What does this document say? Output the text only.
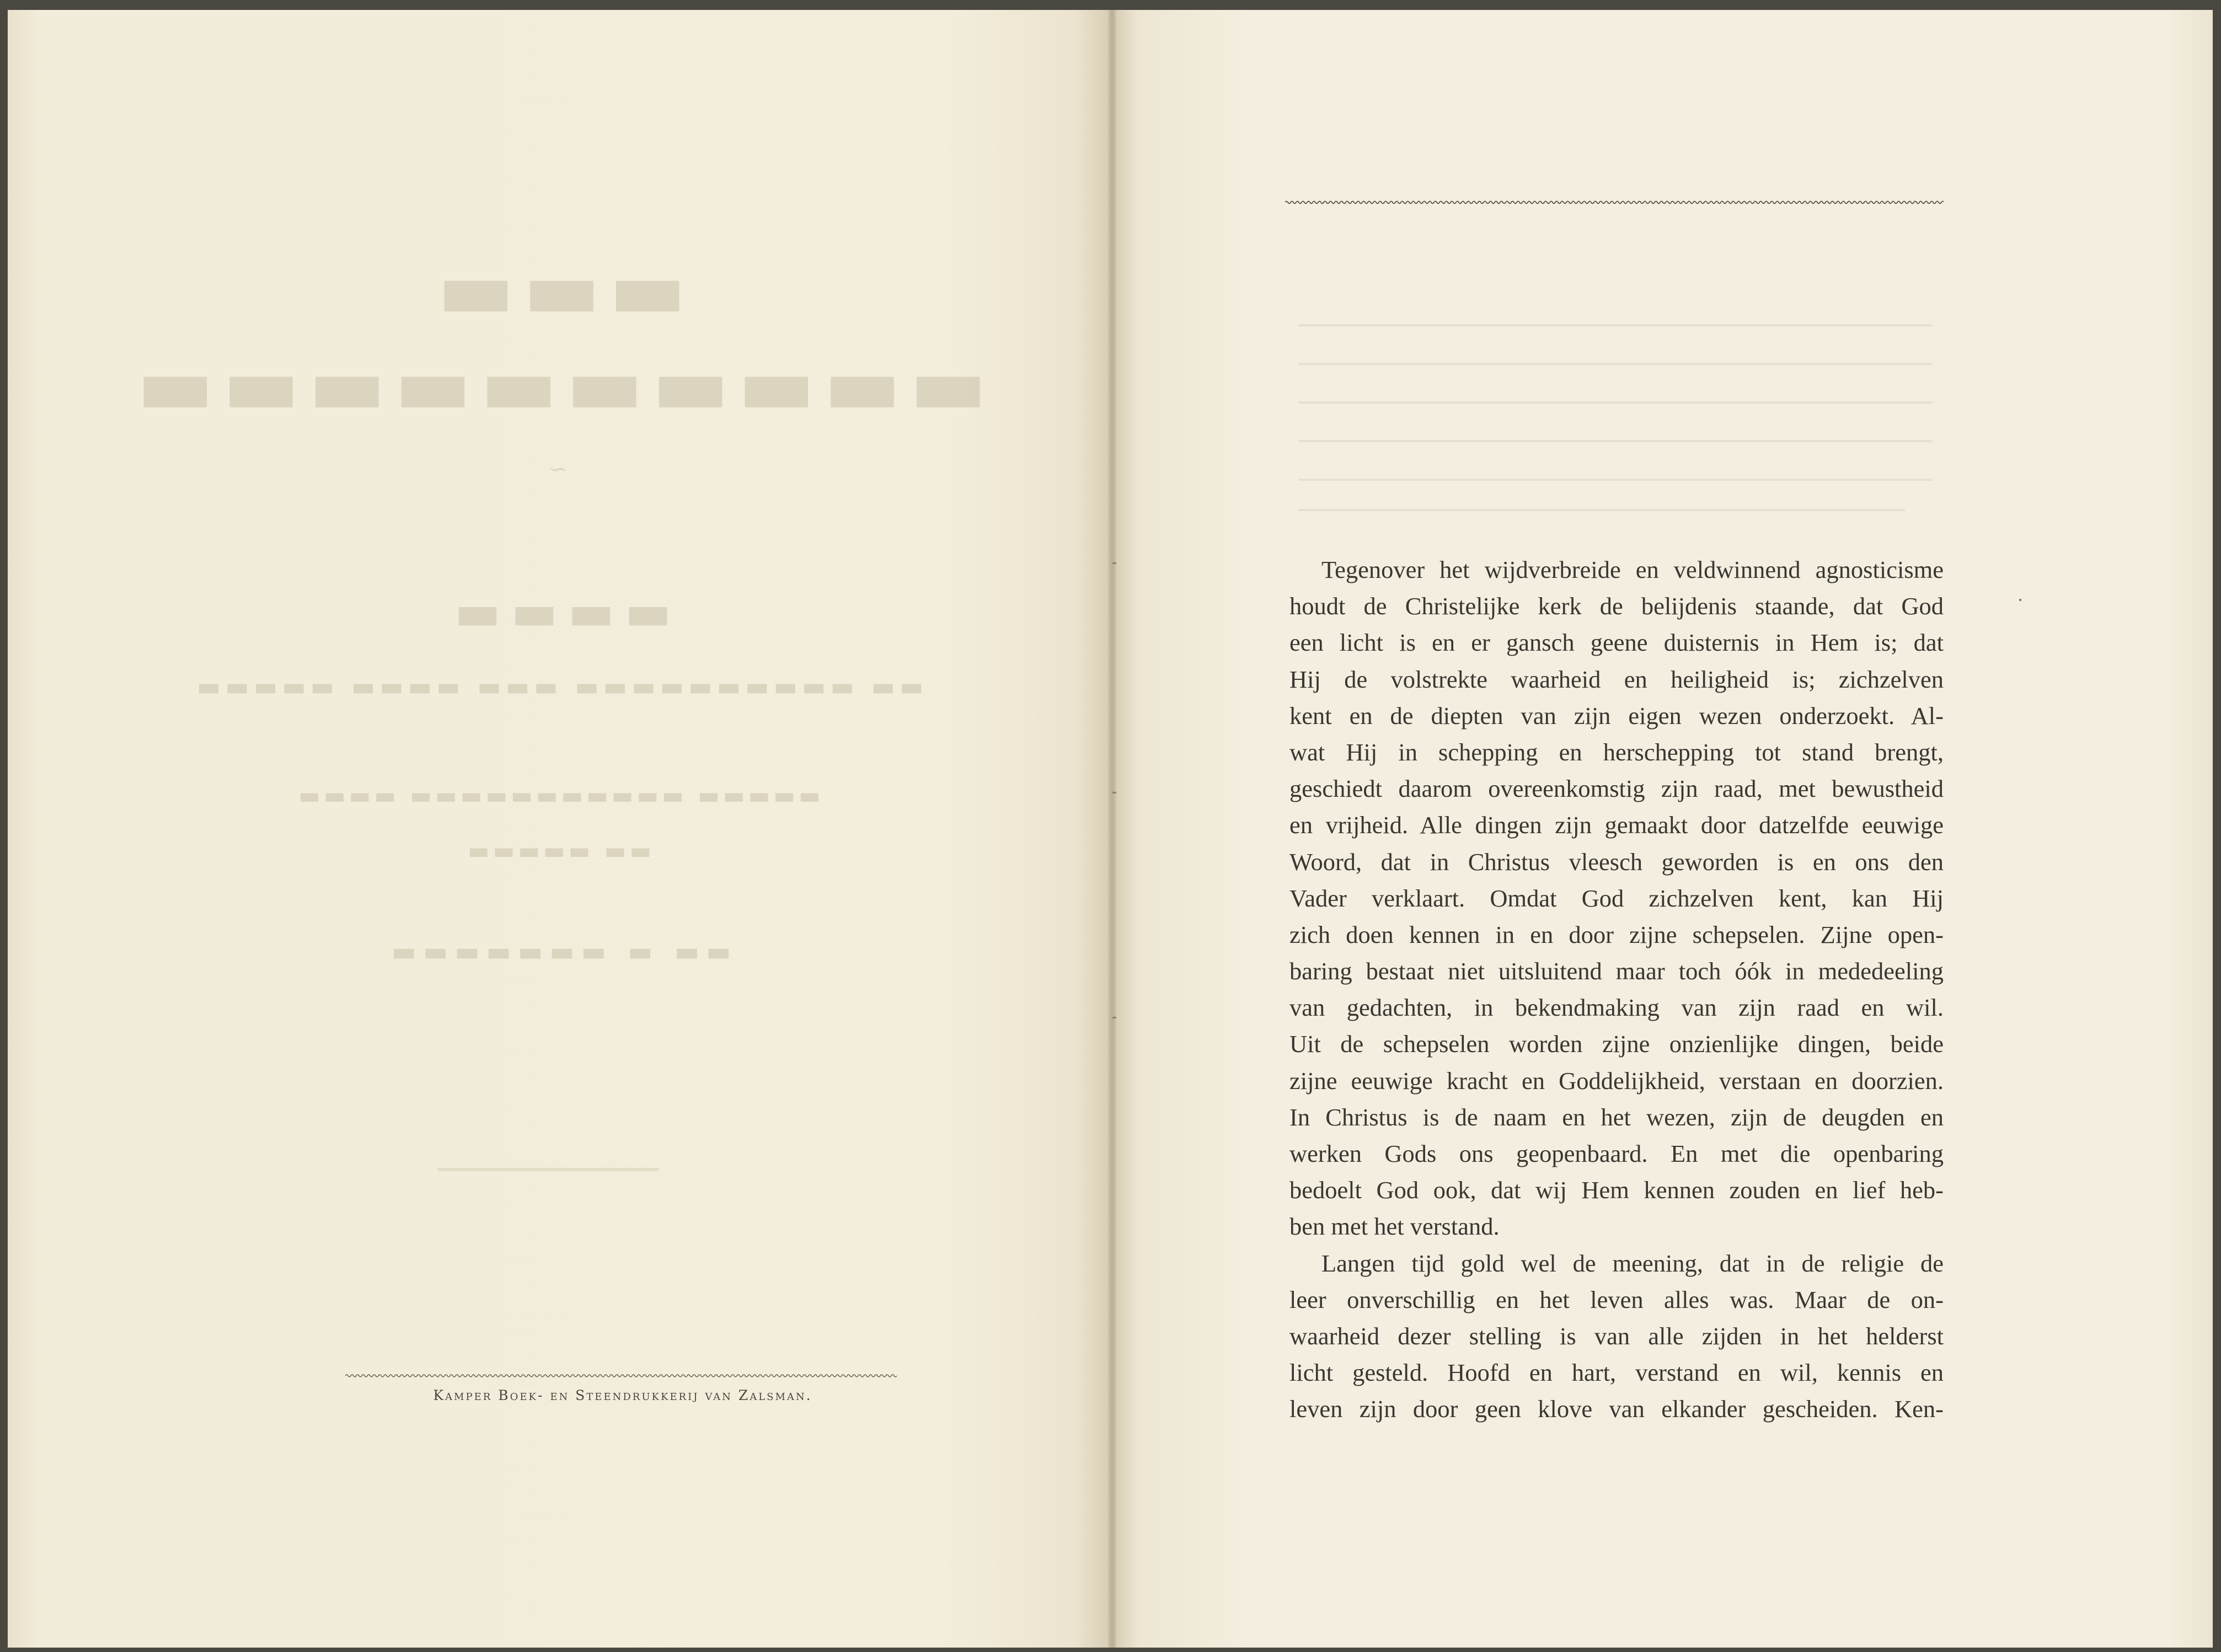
▬▬▬ ▬▬▬▬▬▬▬▬▬▬
~
▬▬▬▬
▬▬ ▬▬▬▬▬▬▬▬▬▬ ▬▬▬ ▬▬▬▬ ▬▬▬▬▬
▬▬▬▬▬ ▬▬▬▬▬▬▬▬▬▬▬ ▬▬▬▬
▬▬ ▬▬▬▬▬
▬▬ ▬ ▬▬▬▬▬▬▬
Kamper Boek- en Steendrukkerij van Zalsman.
Tegenover het wijdverbreide en veldwinnend agnosticisme
houdt de Christelijke kerk de belijdenis staande, dat God
een licht is en er gansch geene duisternis in Hem is; dat
Hij de volstrekte waarheid en heiligheid is; zichzelven
kent en de diepten van zijn eigen wezen onderzoekt. Al-
wat Hij in schepping en herschepping tot stand brengt,
geschiedt daarom overeenkomstig zijn raad, met bewustheid
en vrijheid. Alle dingen zijn gemaakt door datzelfde eeuwige
Woord, dat in Christus vleesch geworden is en ons den
Vader verklaart. Omdat God zichzelven kent, kan Hij
zich doen kennen in en door zijne schepselen. Zijne open-
baring bestaat niet uitsluitend maar toch óók in mededeeling
van gedachten, in bekendmaking van zijn raad en wil.
Uit de schepselen worden zijne onzienlijke dingen, beide
zijne eeuwige kracht en Goddelijkheid, verstaan en doorzien.
In Christus is de naam en het wezen, zijn de deugden en
werken Gods ons geopenbaard. En met die openbaring
bedoelt God ook, dat wij Hem kennen zouden en lief heb-
ben met het verstand.
Langen tijd gold wel de meening, dat in de religie de
leer onverschillig en het leven alles was. Maar de on-
waarheid dezer stelling is van alle zijden in het helderst
licht gesteld. Hoofd en hart, verstand en wil, kennis en
leven zijn door geen klove van elkander gescheiden. Ken-
